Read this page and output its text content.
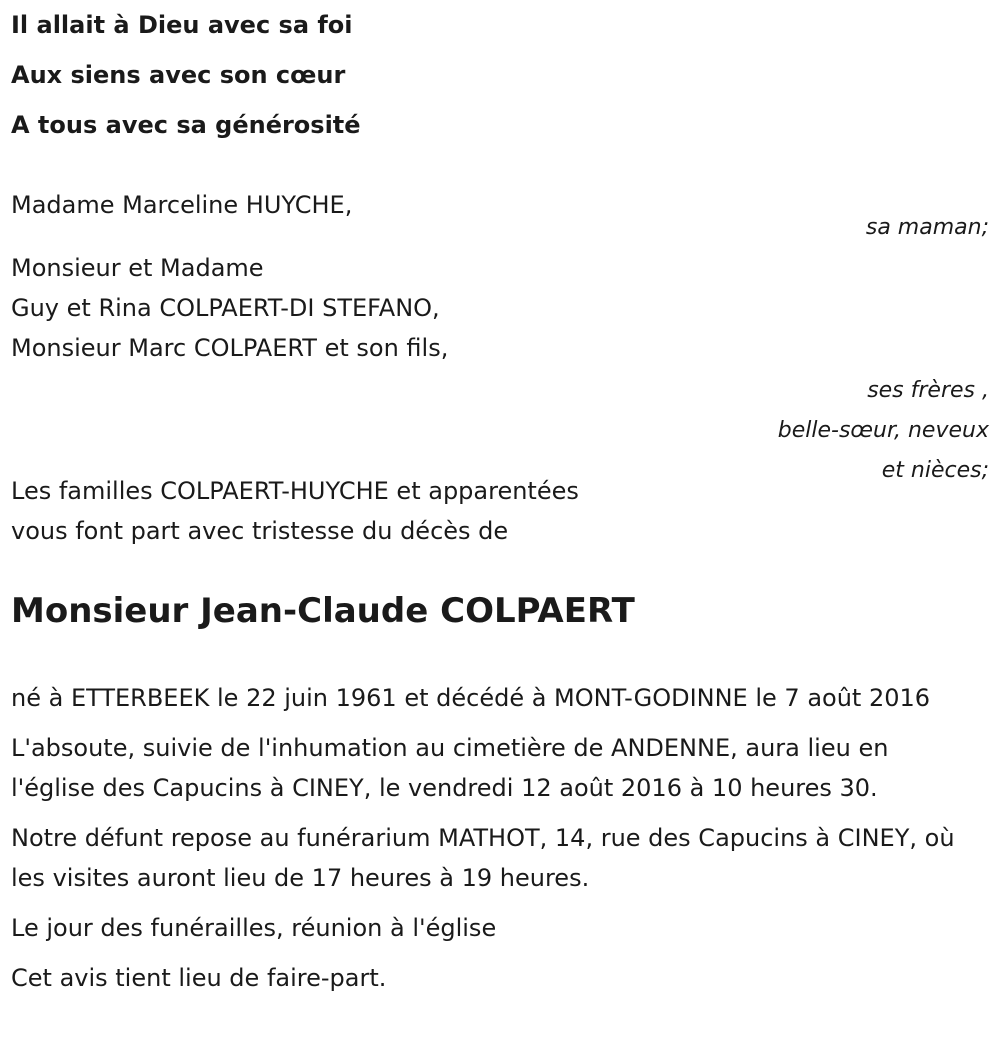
Il allait à Dieu avec sa foi
Aux siens avec son cœur
A tous avec sa générosité
Madame Marceline HUYCHE,
sa maman;
Monsieur et Madame
Guy et Rina COLPAERT-DI STEFANO,
Monsieur Marc COLPAERT et son fils,
ses frères ,
belle-sœur, neveux
et nièces;
Les familles COLPAERT-HUYCHE et apparentées
vous font part avec tristesse du décès de
Monsieur Jean-Claude COLPAERT

né à ETTERBEEK le 22 juin 1961 et décédé à MONT-GODINNE le 7 août 2016

L'absoute, suivie de l'inhumation au cimetière de ANDENNE, aura lieu en l'église des Capucins à CINEY, le vendredi 12 août 2016 à 10 heures 30.

Notre défunt repose au funérarium MATHOT, 14, rue des Capucins à CINEY, où les visites auront lieu de 17 heures à 19 heures.

Le jour des funérailles, réunion à l'église

Cet avis tient lieu de faire-part.
